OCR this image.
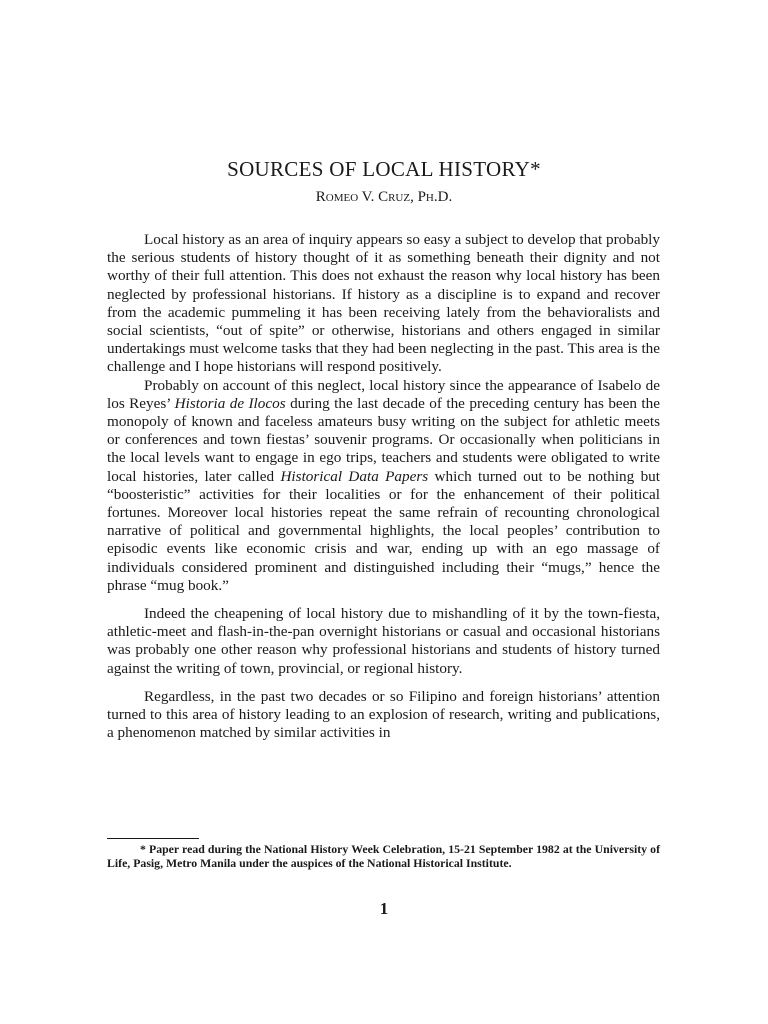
SOURCES OF LOCAL HISTORY*
Romeo V. Cruz, Ph.D.

Local history as an area of inquiry appears so easy a subject to develop that probably the serious students of history thought of it as something beneath their dignity and not worthy of their full attention. This does not exhaust the reason why local history has been neglected by professional historians. If history as a discipline is to expand and recover from the academic pummeling it has been receiving lately from the behavioralists and social scientists, “out of spite” or otherwise, historians and others engaged in similar undertakings must welcome tasks that they had been neglecting in the past. This area is the challenge and I hope historians will respond positively.

Probably on account of this neglect, local history since the appearance of Isabelo de los Reyes’ Historia de Ilocos during the last decade of the preceding century has been the monopoly of known and faceless amateurs busy writing on the subject for athletic meets or conferences and town fiestas’ souvenir programs. Or occasionally when politicians in the local levels want to engage in ego trips, teachers and students were obligated to write local histories, later called Historical Data Papers which turned out to be nothing but “boosteristic” activities for their localities or for the enhancement of their political fortunes. Moreover local histories repeat the same refrain of recounting chronological narrative of political and governmental highlights, the local peoples’ contribution to episodic events like economic crisis and war, ending up with an ego massage of individuals considered prominent and distinguished including their “mugs,” hence the phrase “mug book.”

Indeed the cheapening of local history due to mishandling of it by the town-fiesta, athletic-meet and flash-in-the-pan overnight historians or casual and occasional historians was probably one other reason why professional historians and students of history turned against the writing of town, provincial, or regional history.

Regardless, in the past two decades or so Filipino and foreign historians’ attention turned to this area of history leading to an explosion of research, writing and publications, a phenomenon matched by similar activities in

* Paper read during the National History Week Celebration, 15-21 September 1982 at the University of Life, Pasig, Metro Manila under the auspices of the National Historical Institute.
1
